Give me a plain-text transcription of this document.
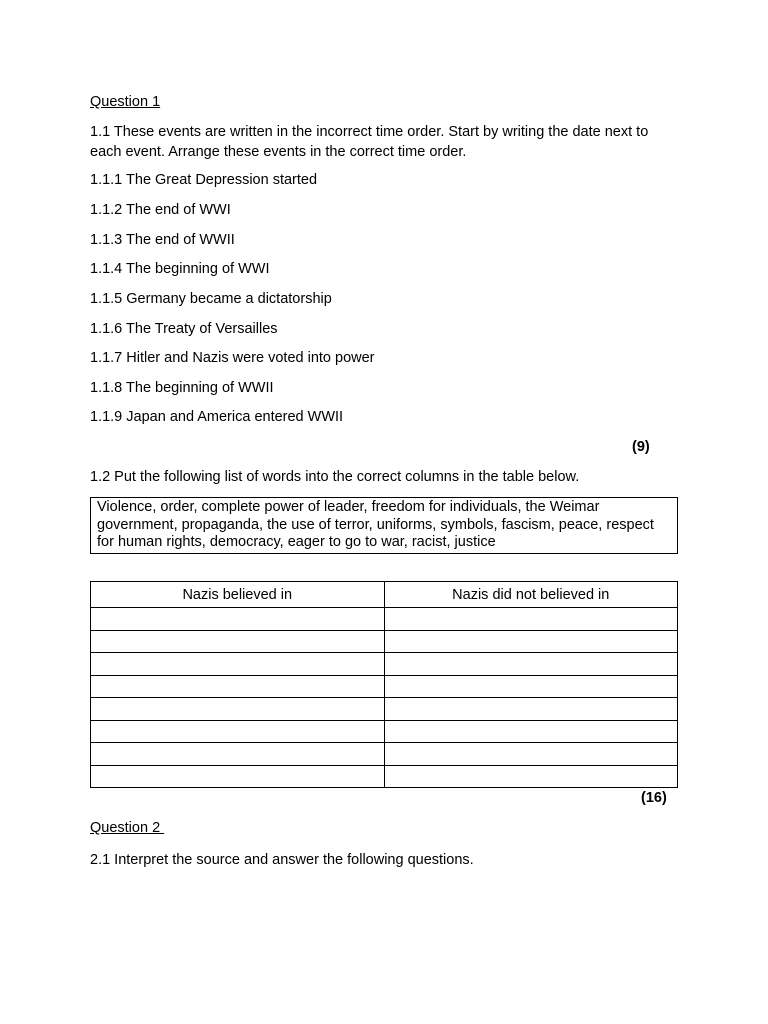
Question 1
1.1 These events are written in the incorrect time order. Start by writing the date next to each event. Arrange these events in the correct time order.
1.1.1 The Great Depression started
1.1.2 The end of WWI
1.1.3 The end of WWII
1.1.4 The beginning of WWI
1.1.5 Germany became a dictatorship
1.1.6 The Treaty of Versailles
1.1.7 Hitler and Nazis were voted into power
1.1.8 The beginning of WWII
1.1.9 Japan and America entered WWII
(9)
1.2 Put the following list of words into the correct columns in the table below.
Violence, order, complete power of leader, freedom for individuals, the Weimar government, propaganda, the use of terror, uniforms, symbols, fascism, peace, respect for human rights, democracy, eager to go to war, racist, justice
Nazis believed in	Nazis did not believed in

(16)
Question 2
2.1 Interpret the source and answer the following questions.
